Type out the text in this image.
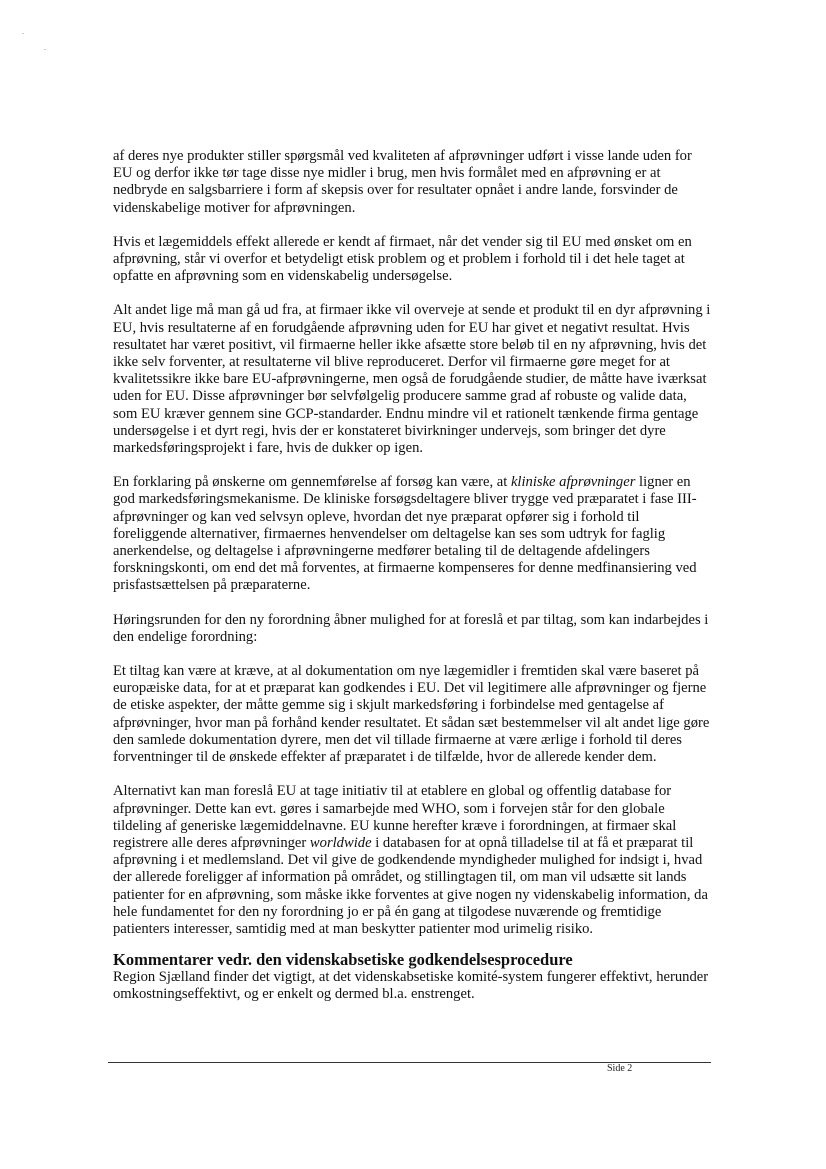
af deres nye produkter stiller spørgsmål ved kvaliteten af afprøvninger udført i visse lande uden for EU og derfor ikke tør tage disse nye midler i brug, men hvis formålet med en afprøvning er at nedbryde en salgsbarriere i form af skepsis over for resultater opnået i andre lande, forsvinder de videnskabelige motiver for afprøvningen.

Hvis et lægemiddels effekt allerede er kendt af firmaet, når det vender sig til EU med ønsket om en afprøvning, står vi overfor et betydeligt etisk problem og et problem i forhold til i det hele taget at opfatte en afprøvning som en videnskabelig undersøgelse.

Alt andet lige må man gå ud fra, at firmaer ikke vil overveje at sende et produkt til en dyr afprøvning i EU, hvis resultaterne af en forudgående afprøvning uden for EU har givet et negativt resultat. Hvis resultatet har været positivt, vil firmaerne heller ikke afsætte store beløb til en ny afprøvning, hvis det ikke selv forventer, at resultaterne vil blive reproduceret. Derfor vil firmaerne gøre meget for at kvalitetssikre ikke bare EU-afprøvningerne, men også de forudgående studier, de måtte have iværksat uden for EU. Disse afprøvninger bør selvfølgelig producere samme grad af robuste og valide data, som EU kræver gennem sine GCP-standarder. Endnu mindre vil et rationelt tænkende firma gentage undersøgelse i et dyrt regi, hvis der er konstateret bivirkninger undervejs, som bringer det dyre markedsføringsprojekt i fare, hvis de dukker op igen.

En forklaring på ønskerne om gennemførelse af forsøg kan være, at kliniske afprøvninger ligner en god markedsføringsmekanisme. De kliniske forsøgsdeltagere bliver trygge ved præparatet i fase III-afprøvninger og kan ved selvsyn opleve, hvordan det nye præparat opfører sig i forhold til foreliggende alternativer, firmaernes henvendelser om deltagelse kan ses som udtryk for faglig anerkendelse, og deltagelse i afprøvningerne medfører betaling til de deltagende afdelingers forskningskonti, om end det må forventes, at firmaerne kompenseres for denne medfinansiering ved prisfastsættelsen på præparaterne.

Høringsrunden for den ny forordning åbner mulighed for at foreslå et par tiltag, som kan indarbejdes i den endelige forordning:

Et tiltag kan være at kræve, at al dokumentation om nye lægemidler i fremtiden skal være baseret på europæiske data, for at et præparat kan godkendes i EU. Det vil legitimere alle afprøvninger og fjerne de etiske aspekter, der måtte gemme sig i skjult markedsføring i forbindelse med gentagelse af afprøvninger, hvor man på forhånd kender resultatet. Et sådan sæt bestemmelser vil alt andet lige gøre den samlede dokumentation dyrere, men det vil tillade firmaerne at være ærlige i forhold til deres forventninger til de ønskede effekter af præparatet i de tilfælde, hvor de allerede kender dem.

Alternativt kan man foreslå EU at tage initiativ til at etablere en global og offentlig database for afprøvninger. Dette kan evt. gøres i samarbejde med WHO, som i forvejen står for den globale tildeling af generiske lægemiddelnavne. EU kunne herefter kræve i forordningen, at firmaer skal registrere alle deres afprøvninger worldwide i databasen for at opnå tilladelse til at få et præparat til afprøvning i et medlemsland. Det vil give de godkendende myndigheder mulighed for indsigt i, hvad der allerede foreligger af information på området, og stillingtagen til, om man vil udsætte sit lands patienter for en afprøvning, som måske ikke forventes at give nogen ny videnskabelig information, da hele fundamentet for den ny forordning jo er på én gang at tilgodese nuværende og fremtidige patienters interesser, samtidig med at man beskytter patienter mod urimelig risiko.

Kommentarer vedr. den videnskabsetiske godkendelsesprocedure

Region Sjælland finder det vigtigt, at det videnskabsetiske komité-system fungerer effektivt, herunder omkostningseffektivt, og er enkelt og dermed bl.a. enstrenget.

Side 2
